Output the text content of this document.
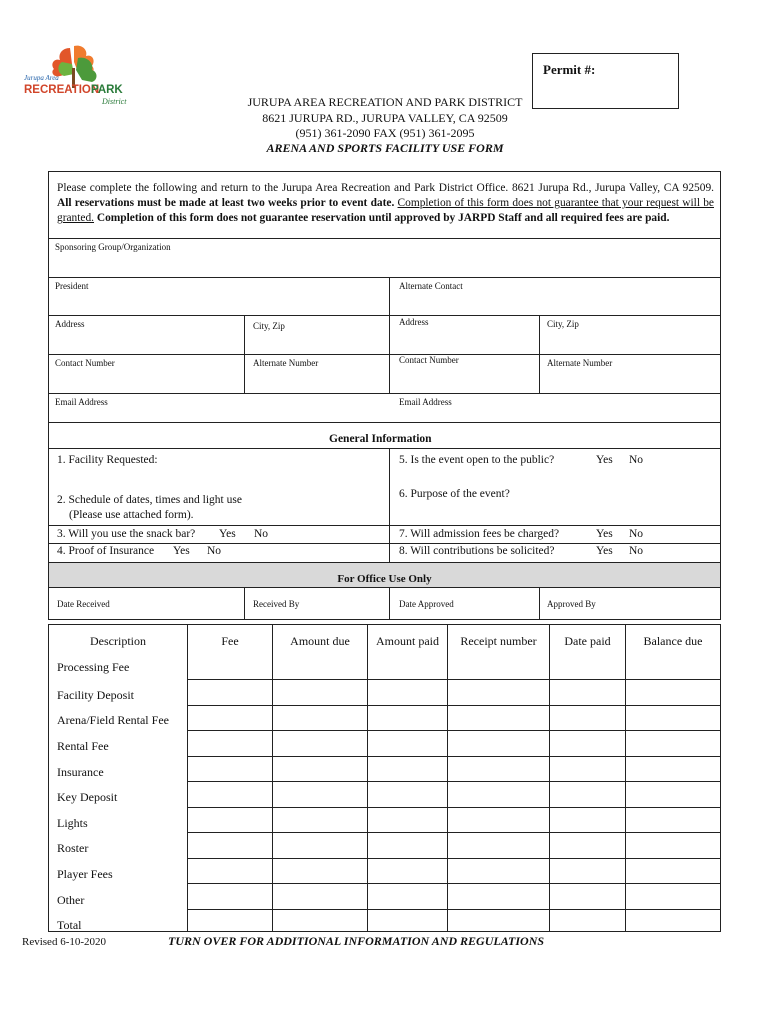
Jurupa Area
RECREATION
PARK
District
Permit #:
JURUPA AREA RECREATION AND PARK DISTRICT
8621 JURUPA RD., JURUPA VALLEY, CA 92509
(951) 361-2090 FAX (951) 361-2095
ARENA AND SPORTS FACILITY USE FORM
Please complete the following and return to the Jurupa Area Recreation and Park District Office. 8621 Jurupa Rd., Jurupa Valley, CA 92509. All reservations must be made at least two weeks prior to event date. Completion of this form does not guarantee that your request will be granted. Completion of this form does not guarantee reservation until approved by JARPD Staff and all required fees are paid.
Sponsoring Group/Organization
President	Alternate Contact
Address	City, Zip	Address	City, Zip
Contact Number	Alternate Number	Contact Number	Alternate Number
Email Address	Email Address
General Information
1. Facility Requested:
2. Schedule of dates, times and light use
(Please use attached form).
3. Will you use the snack bar? Yes No
4. Proof of Insurance Yes No
5. Is the event open to the public?	Yes No
6. Purpose of the event?
7. Will admission fees be charged?	Yes No
8. Will contributions be solicited?	Yes No
For Office Use Only
Date Received	Received By	Date Approved	Approved By
Description	Fee	Amount due	Amount paid	Receipt number	Date paid	Balance due
Processing Fee
Facility Deposit
Arena/Field Rental Fee
Rental Fee
Insurance
Key Deposit
Lights
Roster
Player Fees
Other
Total
Revised 6-10-2020	TURN OVER FOR ADDITIONAL INFORMATION AND REGULATIONS
